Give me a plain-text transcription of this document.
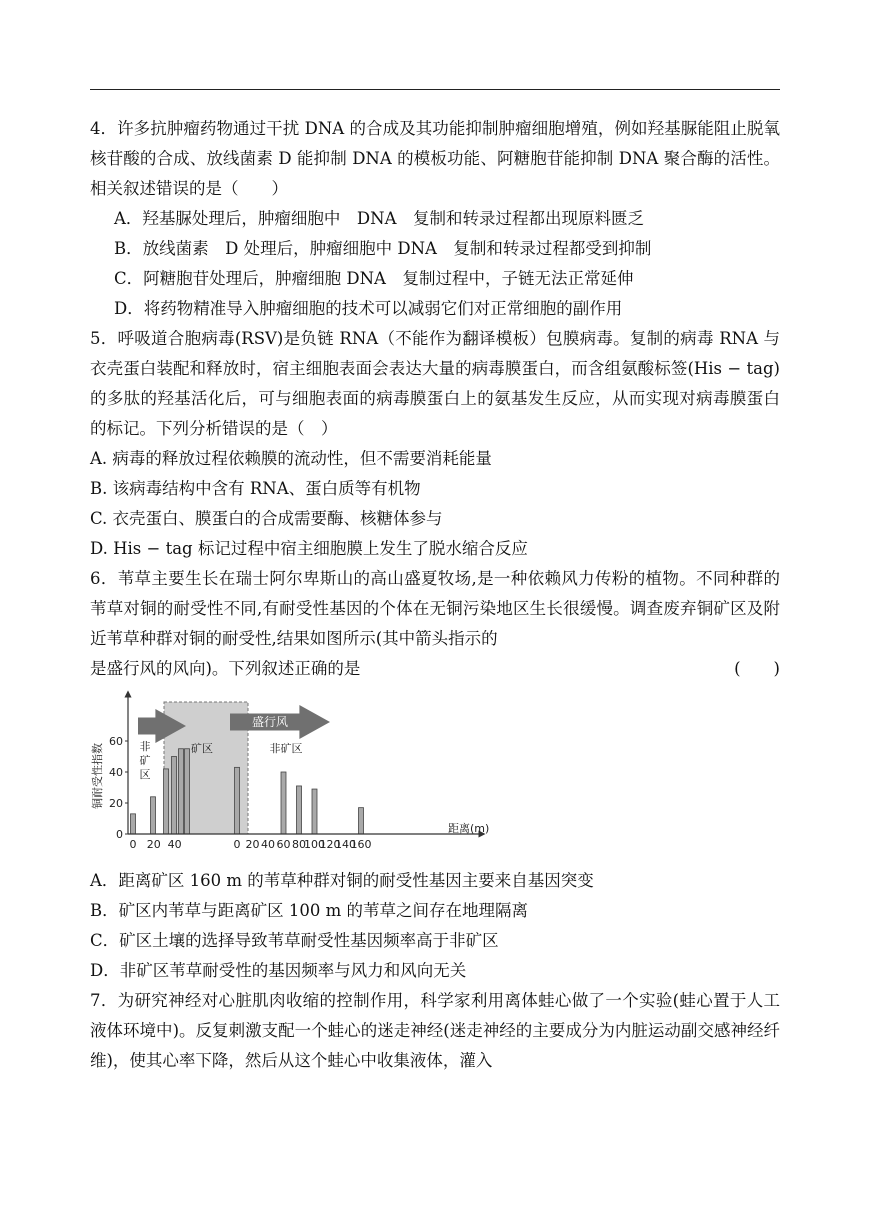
4．许多抗肿瘤药物通过干扰 DNA 的合成及其功能抑制肿瘤细胞增殖，例如羟基脲能阻止脱氧核苷酸的合成、放线菌素 D 能抑制 DNA 的模板功能、阿糖胞苷能抑制 DNA 聚合酶的活性。相关叙述错误的是（　　）

A．羟基脲处理后，肿瘤细胞中　DNA　复制和转录过程都出现原料匮乏

B．放线菌素　D 处理后，肿瘤细胞中 DNA　复制和转录过程都受到抑制

C．阿糖胞苷处理后，肿瘤细胞 DNA　复制过程中，子链无法正常延伸

D．将药物精准导入肿瘤细胞的技术可以减弱它们对正常细胞的副作用

5．呼吸道合胞病毒(RSV)是负链 RNA（不能作为翻译模板）包膜病毒。复制的病毒 RNA 与衣壳蛋白装配和释放时，宿主细胞表面会表达大量的病毒膜蛋白，而含组氨酸标签(His − tag)的多肽的羟基活化后，可与细胞表面的病毒膜蛋白上的氨基发生反应，从而实现对病毒膜蛋白的标记。下列分析错误的是（　）

A. 病毒的释放过程依赖膜的流动性，但不需要消耗能量

B. 该病毒结构中含有 RNA、蛋白质等有机物

C. 衣壳蛋白、膜蛋白的合成需要酶、核糖体参与

D. His − tag 标记过程中宿主细胞膜上发生了脱水缩合反应

6．苇草主要生长在瑞士阿尔卑斯山的高山盛夏牧场,是一种依赖风力传粉的植物。不同种群的苇草对铜的耐受性不同,有耐受性基因的个体在无铜污染地区生长很缓慢。调查废弃铜矿区及附近苇草种群对铜的耐受性,结果如图所示(其中箭头指示的

是盛行风的风向)。下列叙述正确的是	(　　)
0
20
40
60
铜耐受性指数
0 20 40	0 20 40 60 80
100
120
140
160
距离(m)
盛行风
非
矿
区
矿区	非矿区

A．距离矿区 160 m 的苇草种群对铜的耐受性基因主要来自基因突变

B．矿区内苇草与距离矿区 100 m 的苇草之间存在地理隔离

C．矿区土壤的选择导致苇草耐受性基因频率高于非矿区

D．非矿区苇草耐受性的基因频率与风力和风向无关

7．为研究神经对心脏肌肉收缩的控制作用，科学家利用离体蛙心做了一个实验(蛙心置于人工液体环境中)。反复刺激支配一个蛙心的迷走神经(迷走神经的主要成分为内脏运动副交感神经纤维)，使其心率下降，然后从这个蛙心中收集液体，灌入
